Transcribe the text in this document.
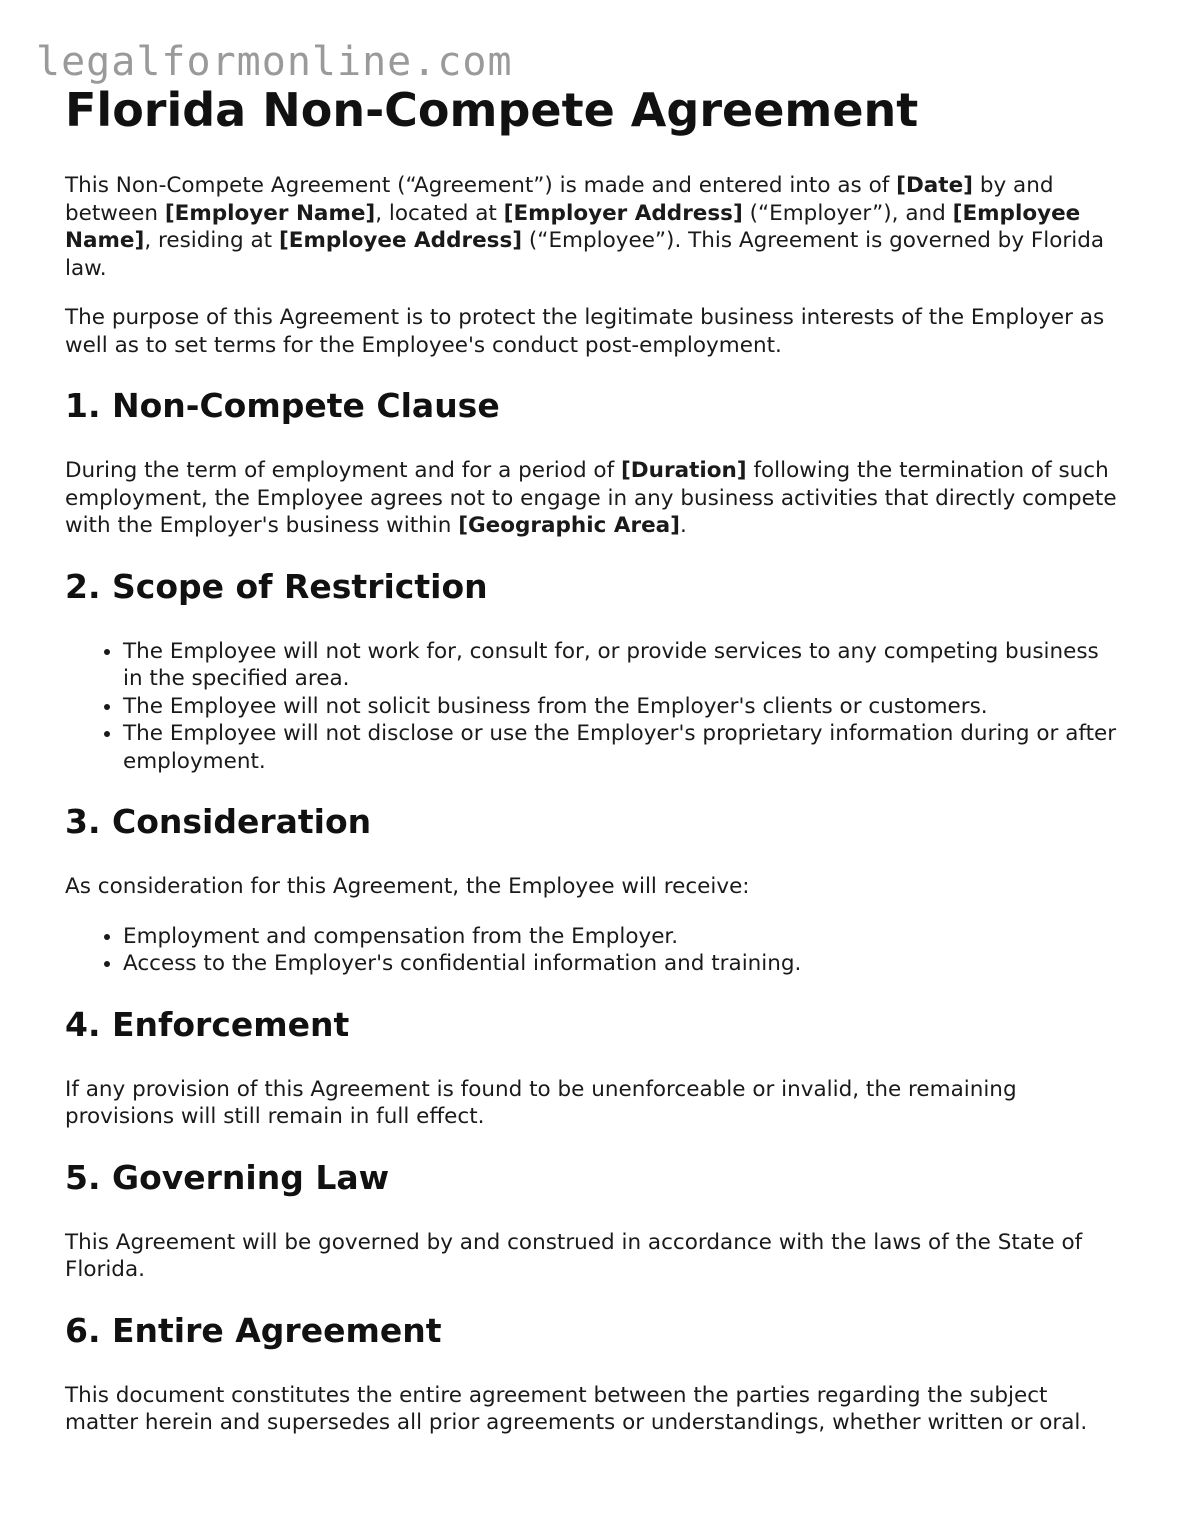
legalformonline.com
Florida Non-Compete Agreement

This Non-Compete Agreement (“Agreement”) is made and entered into as of [Date] by and between [Employer Name], located at [Employer Address] (“Employer”), and [Employee Name], residing at [Employee Address] (“Employee”). This Agreement is governed by Florida law.

The purpose of this Agreement is to protect the legitimate business interests of the Employer as well as to set terms for the Employee's conduct post-employment.

1. Non-Compete Clause

During the term of employment and for a period of [Duration] following the termination of such employment, the Employee agrees not to engage in any business activities that directly compete with the Employer's business within [Geographic Area].

2. Scope of Restriction
• The Employee will not work for, consult for, or provide services to any competing business in the specified area.
• The Employee will not solicit business from the Employer's clients or customers.
• The Employee will not disclose or use the Employer's proprietary information during or after employment.
3. Consideration

As consideration for this Agreement, the Employee will receive:

• Employment and compensation from the Employer.
• Access to the Employer's confidential information and training.
4. Enforcement

If any provision of this Agreement is found to be unenforceable or invalid, the remaining provisions will still remain in full effect.

5. Governing Law

This Agreement will be governed by and construed in accordance with the laws of the State of Florida.

6. Entire Agreement

This document constitutes the entire agreement between the parties regarding the subject matter herein and supersedes all prior agreements or understandings, whether written or oral.
